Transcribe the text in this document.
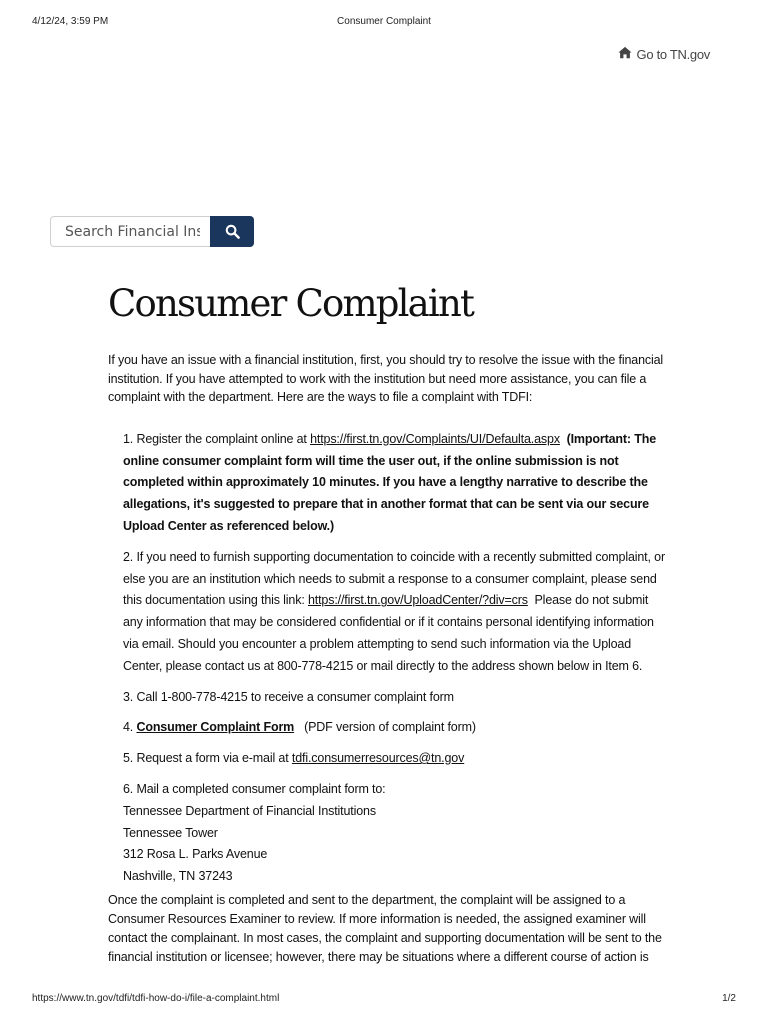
4/12/24, 3:59 PM	Consumer Complaint
Go to TN.gov
Search Financial Ins
Consumer Complaint

If you have an issue with a financial institution, first, you should try to resolve the issue with the financial institution. If you have attempted to work with the institution but need more assistance, you can file a complaint with the department. Here are the ways to file a complaint with TDFI:

1. Register the complaint online at https://first.tn.gov/Complaints/UI/Defaulta.aspx (Important: The online consumer complaint form will time the user out, if the online submission is not completed within approximately 10 minutes. If you have a lengthy narrative to describe the allegations, it's suggested to prepare that in another format that can be sent via our secure Upload Center as referenced below.)
2. If you need to furnish supporting documentation to coincide with a recently submitted complaint, or else you are an institution which needs to submit a response to a consumer complaint, please send this documentation using this link: https://first.tn.gov/UploadCenter/?div=crs Please do not submit any information that may be considered confidential or if it contains personal identifying information via email. Should you encounter a problem attempting to send such information via the Upload Center, please contact us at 800-778-4215 or mail directly to the address shown below in Item 6.
3. Call 1-800-778-4215 to receive a consumer complaint form
4. Consumer Complaint Form (PDF version of complaint form)
5. Request a form via e-mail at tdfi.consumerresources@tn.gov
6. Mail a completed consumer complaint form to:
Tennessee Department of Financial Institutions
Tennessee Tower
312 Rosa L. Parks Avenue
Nashville, TN 37243

Once the complaint is completed and sent to the department, the complaint will be assigned to a Consumer Resources Examiner to review. If more information is needed, the assigned examiner will contact the complainant. In most cases, the complaint and supporting documentation will be sent to the financial institution or licensee; however, there may be situations where a different course of action is

https://www.tn.gov/tdfi/tdfi-how-do-i/file-a-complaint.html	1/2
